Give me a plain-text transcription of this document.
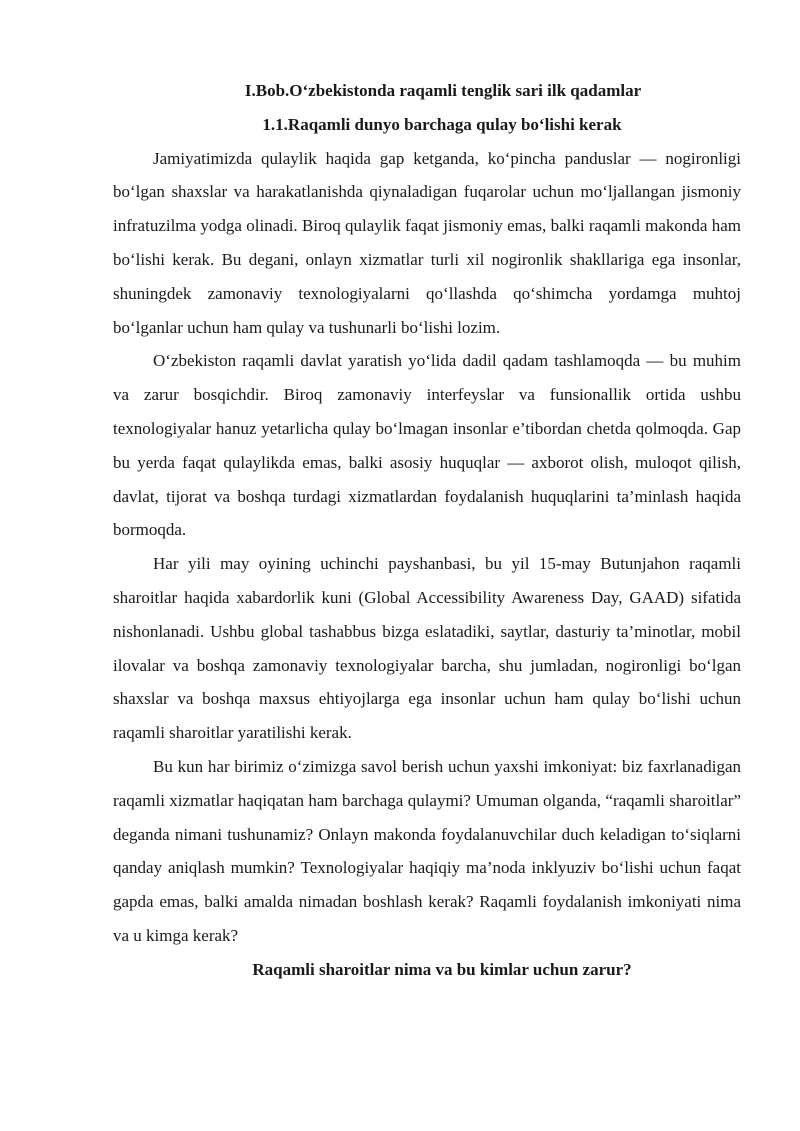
I.Bob.O‘zbekistonda raqamli tenglik sari ilk qadamlar

1.1.Raqamli dunyo barchaga qulay bo‘lishi kerak

Jamiyatimizda qulaylik haqida gap ketganda, ko‘pincha panduslar — nogironligi bo‘lgan shaxslar va harakatlanishda qiynaladigan fuqarolar uchun mo‘ljallangan jismoniy infratuzilma yodga olinadi. Biroq qulaylik faqat jismoniy emas, balki raqamli makonda ham bo‘lishi kerak. Bu degani, onlayn xizmatlar turli xil nogironlik shakllariga ega insonlar, shuningdek zamonaviy texnologiyalarni qo‘llashda qo‘shimcha yordamga muhtoj bo‘lganlar uchun ham qulay va tushunarli bo‘lishi lozim.

O‘zbekiston raqamli davlat yaratish yo‘lida dadil qadam tashlamoqda — bu muhim va zarur bosqichdir. Biroq zamonaviy interfeyslar va funsionallik ortida ushbu texnologiyalar hanuz yetarlicha qulay bo‘lmagan insonlar e’tibordan chetda qolmoqda. Gap bu yerda faqat qulaylikda emas, balki asosiy huquqlar — axborot olish, muloqot qilish, davlat, tijorat va boshqa turdagi xizmatlardan foydalanish huquqlarini ta’minlash haqida bormoqda.

Har yili may oyining uchinchi payshanbasi, bu yil 15-may Butunjahon raqamli sharoitlar haqida xabardorlik kuni (Global Accessibility Awareness Day, GAAD) sifatida nishonlanadi. Ushbu global tashabbus bizga eslatadiki, saytlar, dasturiy ta’minotlar, mobil ilovalar va boshqa zamonaviy texnologiyalar barcha, shu jumladan, nogironligi bo‘lgan shaxslar va boshqa maxsus ehtiyojlarga ega insonlar uchun ham qulay bo‘lishi uchun raqamli sharoitlar yaratilishi kerak.

Bu kun har birimiz o‘zimizga savol berish uchun yaxshi imkoniyat: biz faxrlanadigan raqamli xizmatlar haqiqatan ham barchaga qulaymi? Umuman olganda, “raqamli sharoitlar” deganda nimani tushunamiz? Onlayn makonda foydalanuvchilar duch keladigan to‘siqlarni qanday aniqlash mumkin? Texnologiyalar haqiqiy ma’noda inklyuziv bo‘lishi uchun faqat gapda emas, balki amalda nimadan boshlash kerak? Raqamli foydalanish imkoniyati nima va u kimga kerak?

Raqamli sharoitlar nima va bu kimlar uchun zarur?
